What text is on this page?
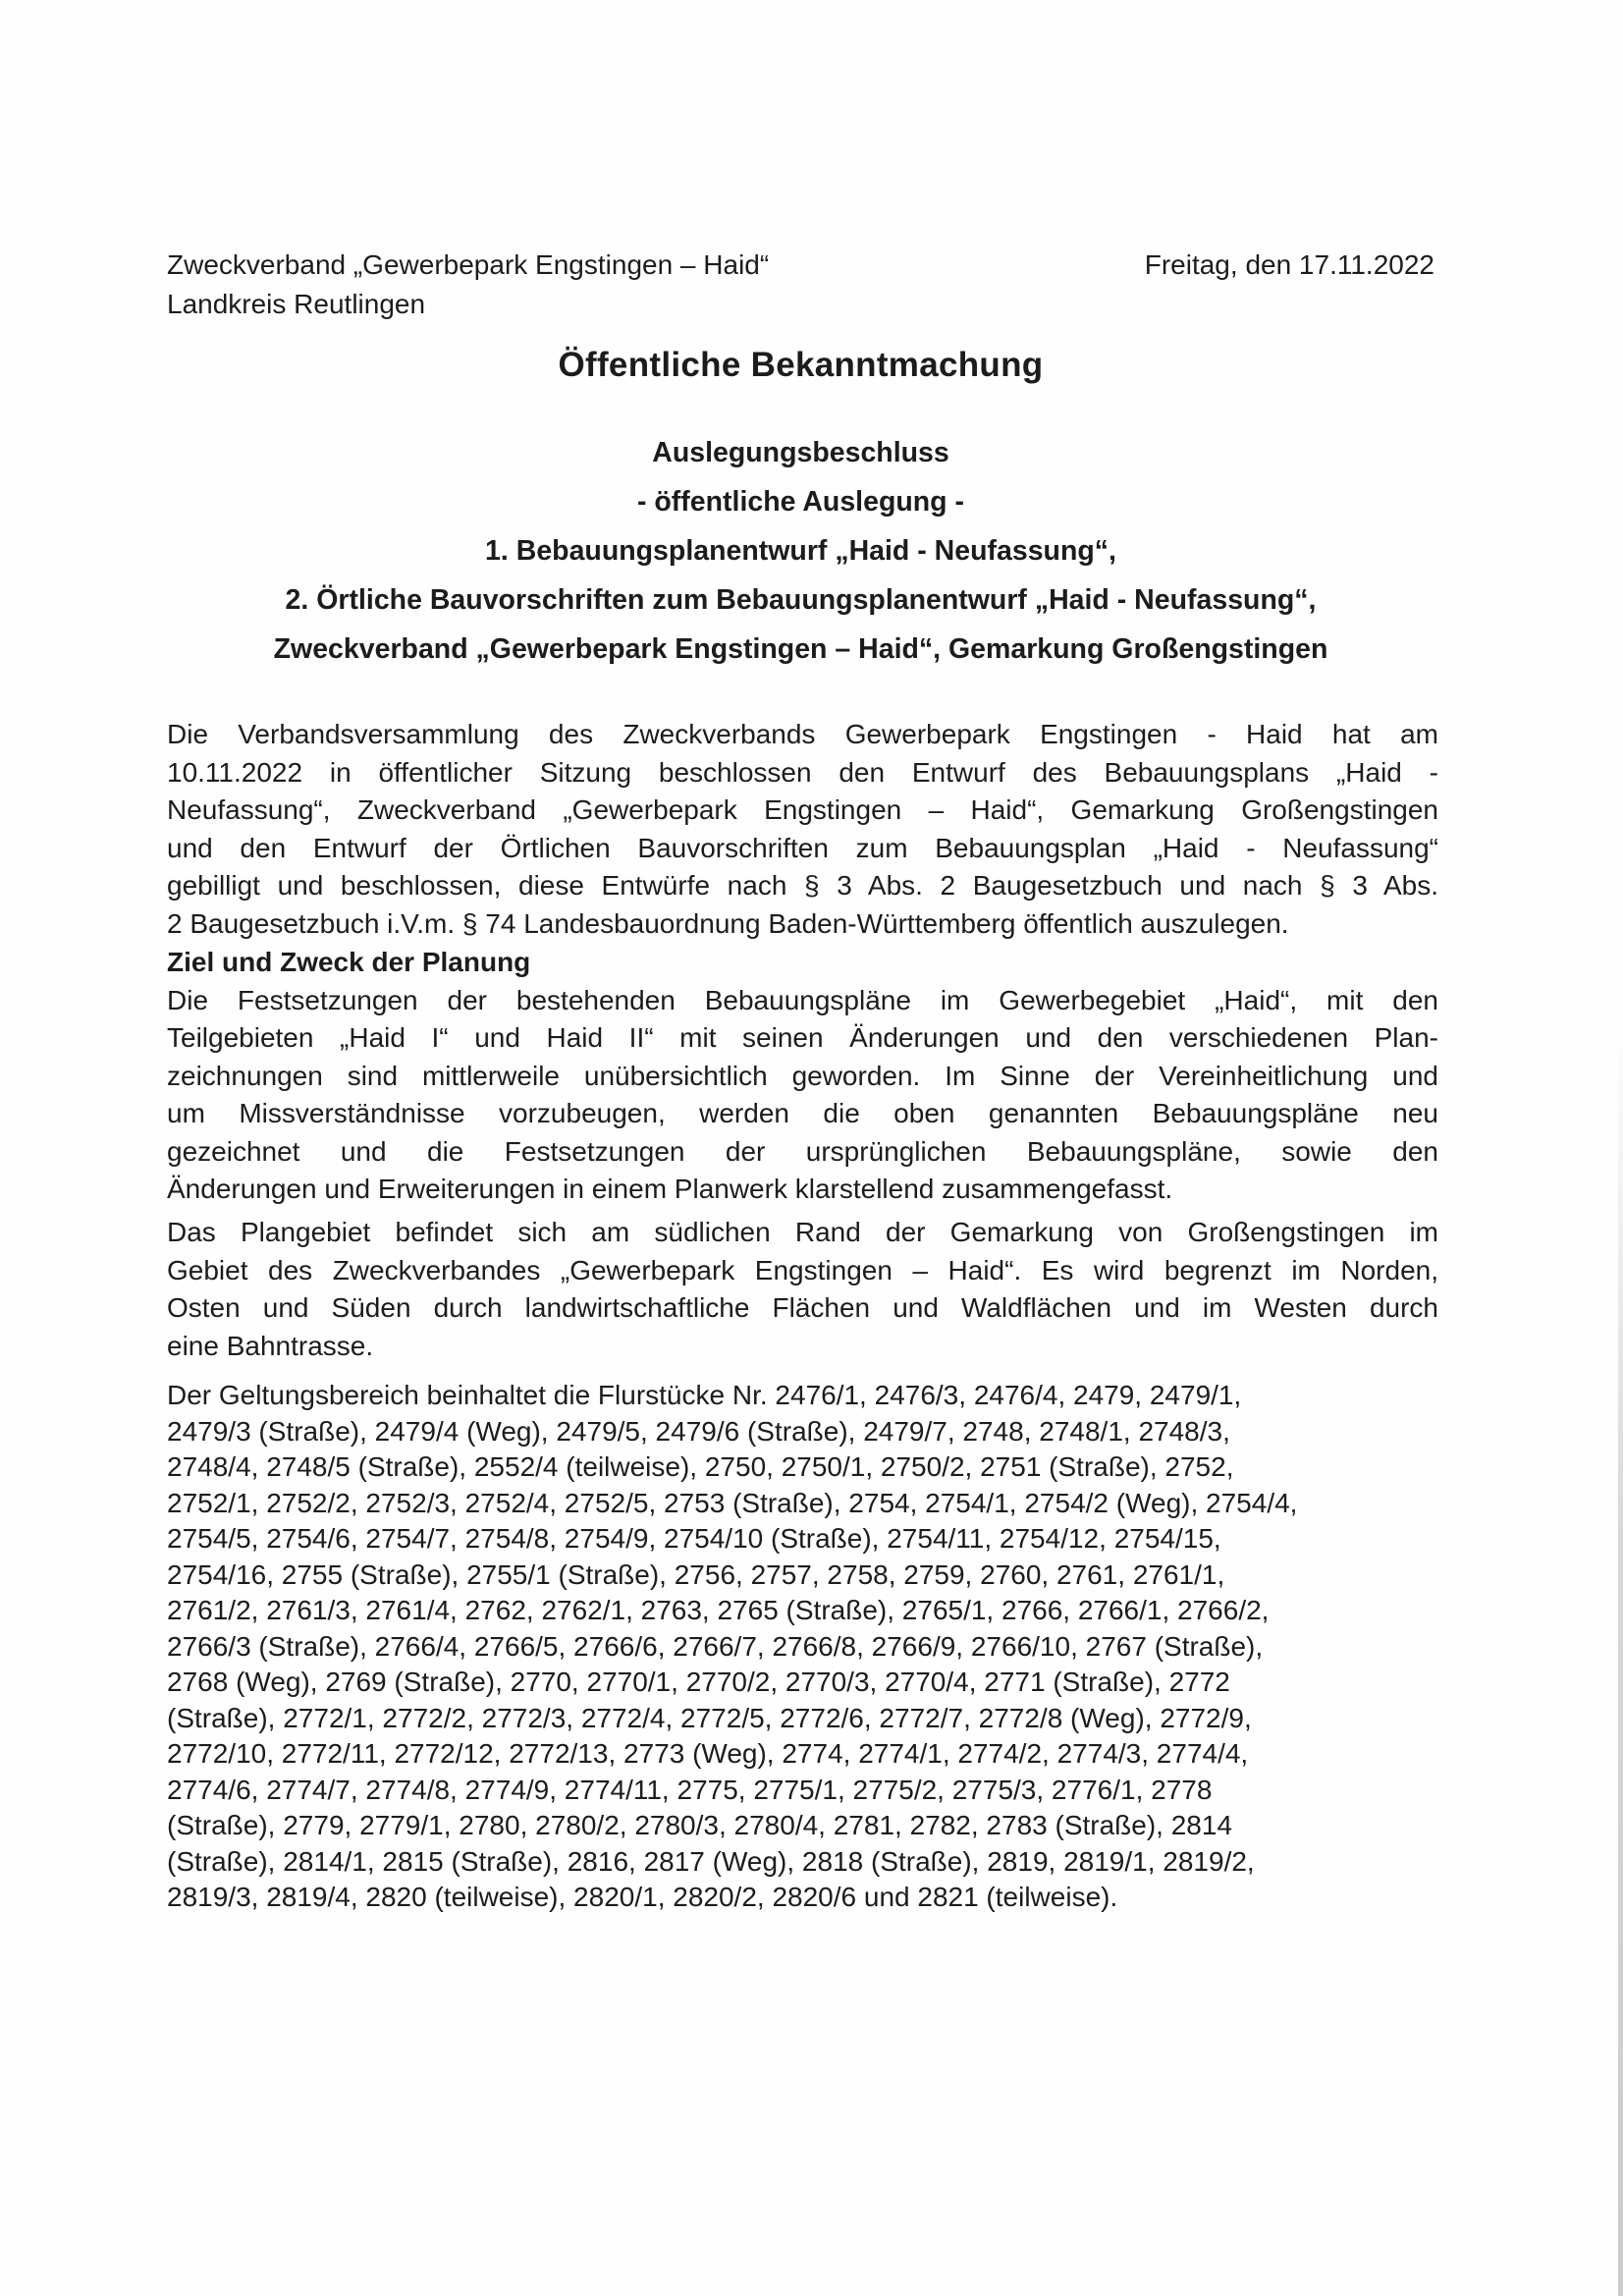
Zweckverband „Gewerbepark Engstingen – Haid“	Freitag, den 17.11.2022
Landkreis Reutlingen
Öffentliche Bekanntmachung
Auslegungsbeschluss
- öffentliche Auslegung -
1. Bebauungsplanentwurf „Haid - Neufassung“,
2. Örtliche Bauvorschriften zum Bebauungsplanentwurf „Haid - Neufassung“,
Zweckverband „Gewerbepark Engstingen – Haid“, Gemarkung Großengstingen
Die Verbandsversammlung des Zweckverbands Gewerbepark Engstingen - Haid hat am
10.11.2022 in öffentlicher Sitzung beschlossen den Entwurf des Bebauungsplans „Haid -
Neufassung“, Zweckverband „Gewerbepark Engstingen – Haid“, Gemarkung Großengstingen
und den Entwurf der Örtlichen Bauvorschriften zum Bebauungsplan „Haid - Neufassung“
gebilligt und beschlossen, diese Entwürfe nach § 3 Abs. 2 Baugesetzbuch und nach § 3 Abs.
2 Baugesetzbuch i.V.m. § 74 Landesbauordnung Baden-Württemberg öffentlich auszulegen.
Ziel und Zweck der Planung
Die Festsetzungen der bestehenden Bebauungspläne im Gewerbegebiet „Haid“, mit den
Teilgebieten „Haid I“ und Haid II“ mit seinen Änderungen und den verschiedenen Plan-
zeichnungen sind mittlerweile unübersichtlich geworden. Im Sinne der Vereinheitlichung und
um Missverständnisse vorzubeugen, werden die oben genannten Bebauungspläne neu
gezeichnet und die Festsetzungen der ursprünglichen Bebauungspläne, sowie den
Änderungen und Erweiterungen in einem Planwerk klarstellend zusammengefasst.
Das Plangebiet befindet sich am südlichen Rand der Gemarkung von Großengstingen im
Gebiet des Zweckverbandes „Gewerbepark Engstingen – Haid“. Es wird begrenzt im Norden,
Osten und Süden durch landwirtschaftliche Flächen und Waldflächen und im Westen durch
eine Bahntrasse.
Der Geltungsbereich beinhaltet die Flurstücke Nr. 2476/1, 2476/3, 2476/4, 2479, 2479/1,
2479/3 (Straße), 2479/4 (Weg), 2479/5, 2479/6 (Straße), 2479/7, 2748, 2748/1, 2748/3,
2748/4, 2748/5 (Straße), 2552/4 (teilweise), 2750, 2750/1, 2750/2, 2751 (Straße), 2752,
2752/1, 2752/2, 2752/3, 2752/4, 2752/5, 2753 (Straße), 2754, 2754/1, 2754/2 (Weg), 2754/4,
2754/5, 2754/6, 2754/7, 2754/8, 2754/9, 2754/10 (Straße), 2754/11, 2754/12, 2754/15,
2754/16, 2755 (Straße), 2755/1 (Straße), 2756, 2757, 2758, 2759, 2760, 2761, 2761/1,
2761/2, 2761/3, 2761/4, 2762, 2762/1, 2763, 2765 (Straße), 2765/1, 2766, 2766/1, 2766/2,
2766/3 (Straße), 2766/4, 2766/5, 2766/6, 2766/7, 2766/8, 2766/9, 2766/10, 2767 (Straße),
2768 (Weg), 2769 (Straße), 2770, 2770/1, 2770/2, 2770/3, 2770/4, 2771 (Straße), 2772
(Straße), 2772/1, 2772/2, 2772/3, 2772/4, 2772/5, 2772/6, 2772/7, 2772/8 (Weg), 2772/9,
2772/10, 2772/11, 2772/12, 2772/13, 2773 (Weg), 2774, 2774/1, 2774/2, 2774/3, 2774/4,
2774/6, 2774/7, 2774/8, 2774/9, 2774/11, 2775, 2775/1, 2775/2, 2775/3, 2776/1, 2778
(Straße), 2779, 2779/1, 2780, 2780/2, 2780/3, 2780/4, 2781, 2782, 2783 (Straße), 2814
(Straße), 2814/1, 2815 (Straße), 2816, 2817 (Weg), 2818 (Straße), 2819, 2819/1, 2819/2,
2819/3, 2819/4, 2820 (teilweise), 2820/1, 2820/2, 2820/6 und 2821 (teilweise).
